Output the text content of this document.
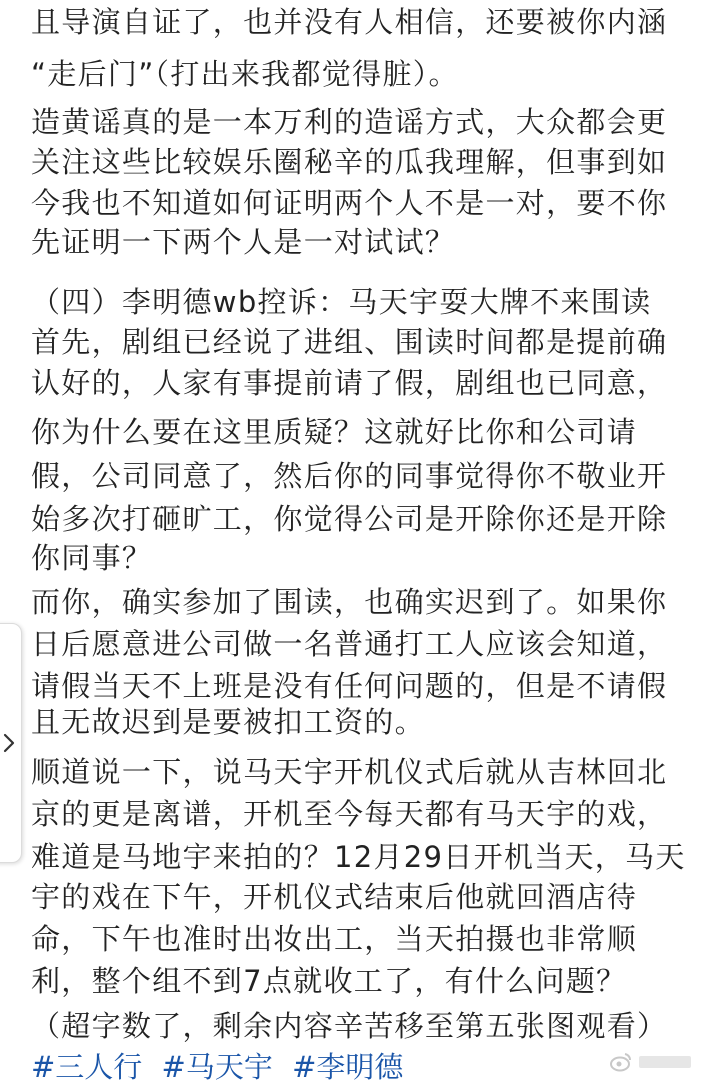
且导演自证了，也并没有人相信，还要被你内涵
“走后门”（打出来我都觉得脏）。
造黄谣真的是一本万利的造谣方式，大众都会更
关注这些比较娱乐圈秘辛的瓜我理解，但事到如
今我也不知道如何证明两个人不是一对，要不你
先证明一下两个人是一对试试？
（四）李明德wb控诉：马天宇耍大牌不来围读
首先，剧组已经说了进组、围读时间都是提前确
认好的，人家有事提前请了假，剧组也已同意，
你为什么要在这里质疑？这就好比你和公司请
假，公司同意了，然后你的同事觉得你不敬业开
始多次打砸旷工，你觉得公司是开除你还是开除
你同事？
而你，确实参加了围读，也确实迟到了。如果你
日后愿意进公司做一名普通打工人应该会知道，
请假当天不上班是没有任何问题的，但是不请假
且无故迟到是要被扣工资的。
顺道说一下，说马天宇开机仪式后就从吉林回北
京的更是离谱，开机至今每天都有马天宇的戏，
难道是马地宇来拍的？12月29日开机当天，马天
宇的戏在下午，开机仪式结束后他就回酒店待
命，下午也准时出妆出工，当天拍摄也非常顺
利，整个组不到7点就收工了，有什么问题？
（超字数了，剩余内容辛苦移至第五张图观看）
#三人行 #马天宇 #李明德
